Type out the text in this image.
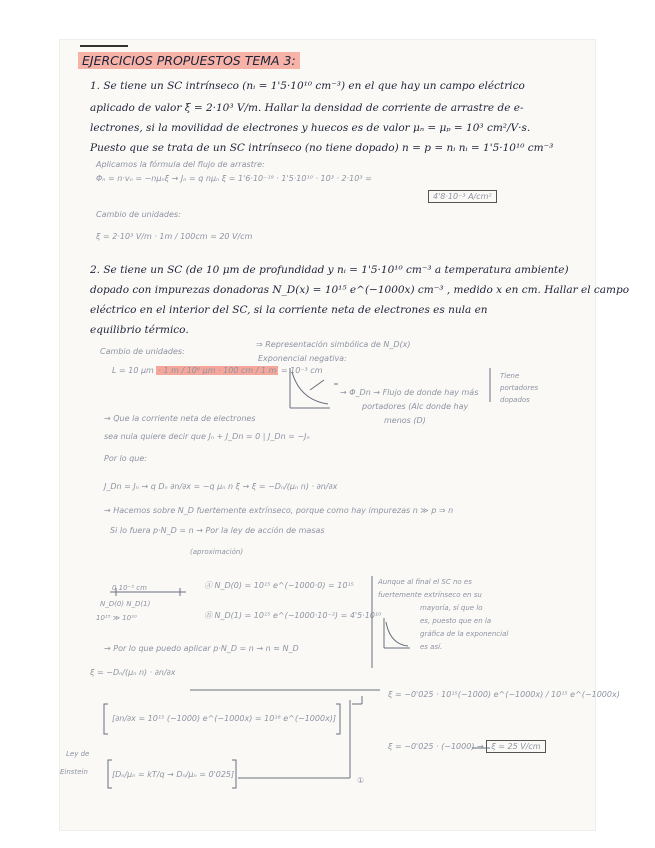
EJERCICIOS PROPUESTOS TEMA 3:
1. Se tiene un SC intrínseco (nᵢ = 1'5·10¹⁰ cm⁻³) en el que hay un campo eléctrico
aplicado de valor ξ = 2·10³ V/m. Hallar la densidad de corriente de arrastre de e-
lectrones, si la movilidad de electrones y huecos es de valor μₙ = μₚ = 10³ cm²/V·s.
Puesto que se trata de un SC intrínseco (no tiene dopado) n = p = nᵢ nᵢ = 1'5·10¹⁰ cm⁻³
Aplicamos la fórmula del flujo de arrastre:
Φₙ = n·vₙ = −nμₙξ → Jₙ = q nμₙ ξ = 1'6·10⁻¹⁹ · 1'5·10¹⁰ · 10³ · 2·10³ =
4'8·10⁻³ A/cm²
Cambio de unidades:
ξ = 2·10³ V/m · 1m / 100cm = 20 V/cm
2. Se tiene un SC (de 10 μm de profundidad y nᵢ = 1'5·10¹⁰ cm⁻³ a temperatura ambiente)
dopado con impurezas donadoras N_D(x) = 10¹⁵ e^(−1000x) cm⁻³ , medido x en cm. Hallar el campo
eléctrico en el interior del SC, si la corriente neta de electrones es nula en
equilibrio térmico.
Cambio de unidades:
L = 10 μm · 1 m / 10⁶ μm · 100 cm / 1 m = 10⁻³ cm
⇒ Representación simbólica de N_D(x)
Exponencial negativa:
→ Φ_Dn → Flujo de donde hay más
portadores (Alc donde hay
menos (D)
Tiene
portadores
dopados
→ Que la corriente neta de electrones
sea nula quiere decir que Jₙ + J_Dn = 0 | J_Dn = −Jₙ
Por lo que:
J_Dn = Jₙ → q Dₙ ∂n/∂x = −q μₙ n ξ → ξ = −Dₙ/(μₙ n) · ∂n/∂x
→ Hacemos sobre N_D fuertemente extrínseco, porque como hay impurezas n ≫ p ⇒ n
Si lo fuera p·N_D = n → Por la ley de acción de masas
(aproximación)
0 10⁻² cm
N_D(0) N_D(1)
10¹⁵ ≫ 10¹⁰
Ⓐ N_D(0) = 10¹⁵ e^(−1000·0) = 10¹⁵
Ⓑ N_D(1) = 10¹⁵ e^(−1000·10⁻²) = 4'5·10¹⁰
Aunque al final el SC no es
fuertemente extrínseco en su
mayoría, sí que lo
es, puesto que en la
gráfica de la exponencial
es así.
→ Por lo que puedo aplicar p·N_D = n → n ≈ N_D
ξ = −Dₙ/(μₙ n) · ∂n/∂x
ξ = −0'025 · 10¹⁵(−1000) e^(−1000x) / 10¹⁵ e^(−1000x)
[∂n/∂x = 10¹⁵ (−1000) e^(−1000x) = 10¹⁸ e^(−1000x)]
ξ = −0'025 · (−1000) → ξ = 25 V/cm
Ley de
Einstein	[Dₙ/μₙ = kT/q → Dₙ/μₙ = 0'025]
①
